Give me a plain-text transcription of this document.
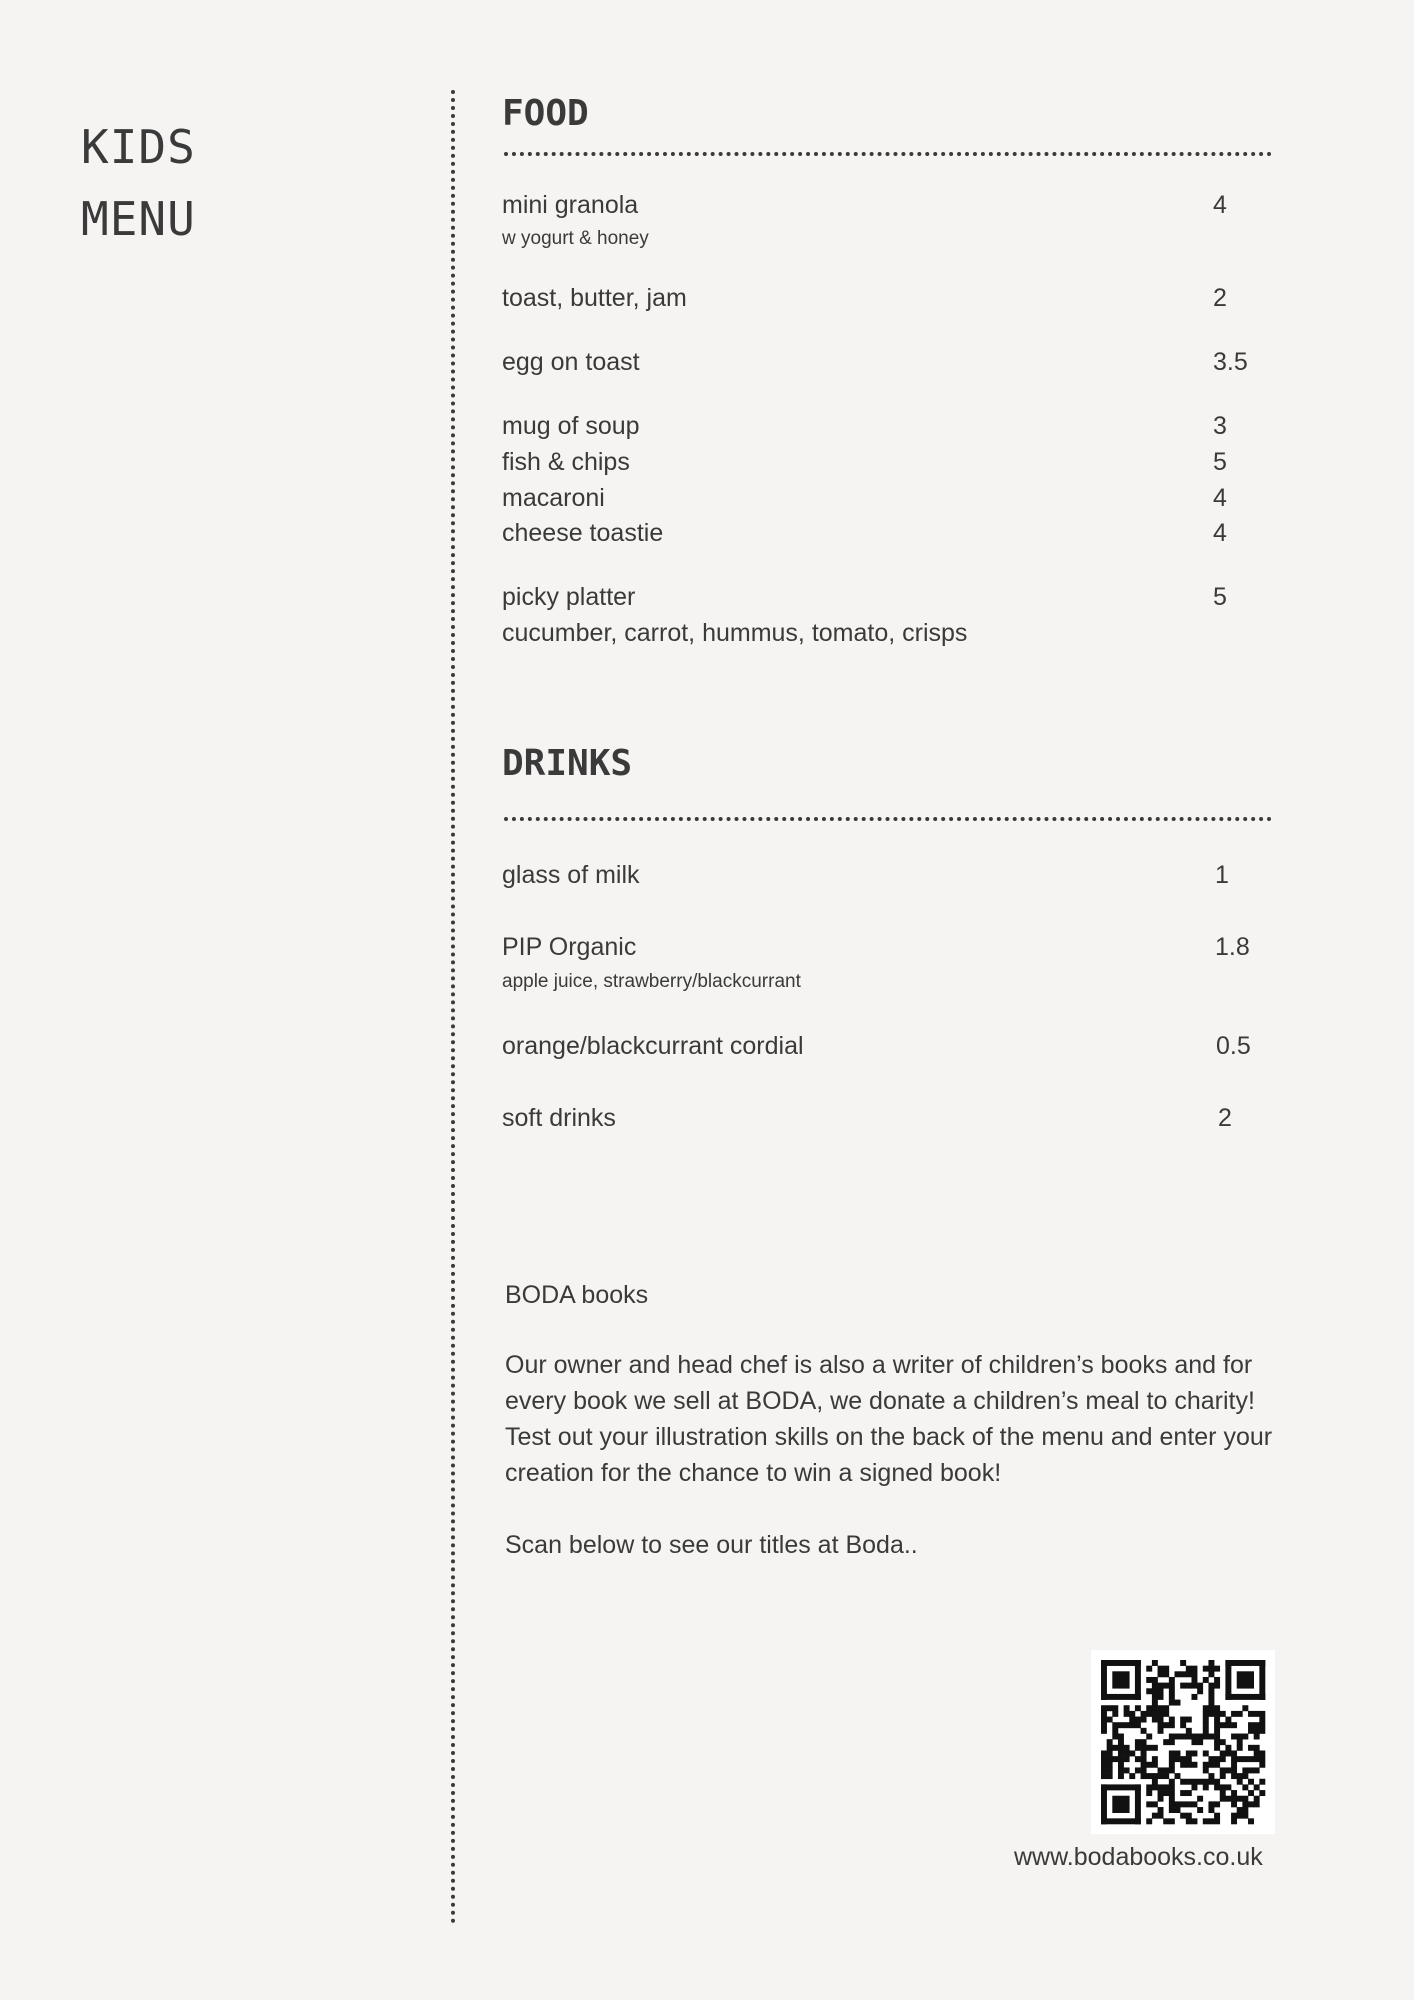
KIDS
MENU
FOOD
mini granola	4
w yogurt & honey
toast, butter, jam	2
egg on toast	3.5
mug of soup	3
fish & chips	5
macaroni	4
cheese toastie	4
picky platter	5
cucumber, carrot, hummus, tomato, crisps
DRINKS
glass of milk	1
PIP Organic	1.8
apple juice, strawberry/blackcurrant
orange/blackcurrant cordial	0.5
soft drinks	2
BODA books
Our owner and head chef is also a writer of children’s books and for every book we sell at BODA, we donate a children’s meal to charity! Test out your illustration skills on the back of the menu and enter your creation for the chance to win a signed book!
Scan below to see our titles at Boda..
www.bodabooks.co.uk
